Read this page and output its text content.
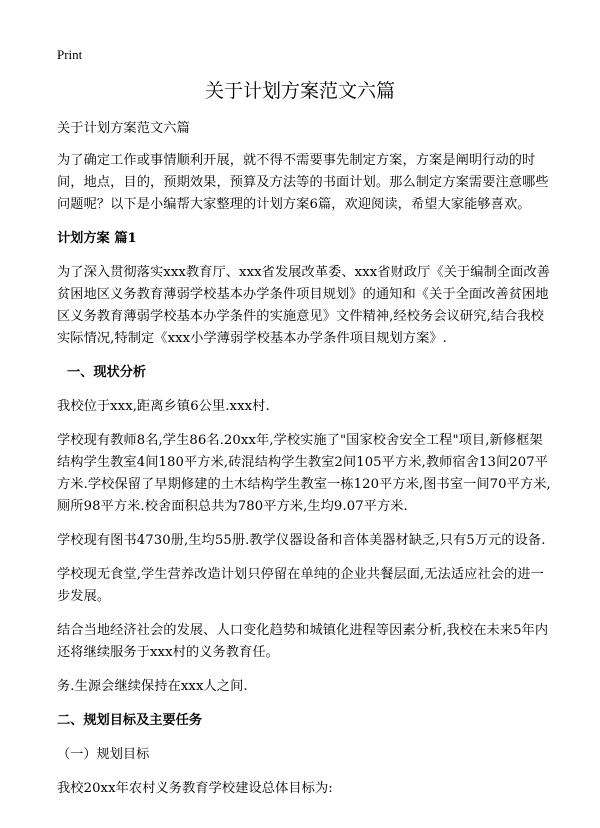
Print
关于计划方案范文六篇

关于计划方案范文六篇

为了确定工作或事情顺利开展，就不得不需要事先制定方案，方案是阐明行动的时间，地点，目的，预期效果，预算及方法等的书面计划。那么制定方案需要注意哪些问题呢？以下是小编帮大家整理的计划方案6篇，欢迎阅读，希望大家能够喜欢。

计划方案 篇1

为了深入贯彻落实xxx教育厅、xxx省发展改革委、xxx省财政厅《关于编制全面改善贫困地区义务教育薄弱学校基本办学条件项目规划》的通知和《关于全面改善贫困地区义务教育薄弱学校基本办学条件的实施意见》文件精神,经校务会议研究,结合我校实际情况,特制定《xxx小学薄弱学校基本办学条件项目规划方案》.

一、现状分析

我校位于xxx,距离乡镇6公里.xxx村.

学校现有教师8名,学生86名.20xx年,学校实施了"国家校舍安全工程"项目,新修框架结构学生教室4间180平方米,砖混结构学生教室2间105平方米,教师宿舍13间207平方米.学校保留了早期修建的土木结构学生教室一栋120平方米,图书室一间70平方米,厕所98平方米.校舍面积总共为780平方米,生均9.07平方米.

学校现有图书4730册,生均55册.教学仪器设备和音体美器材缺乏,只有5万元的设备.

学校现无食堂,学生营养改造计划只停留在单纯的企业共餐层面,无法适应社会的进一步发展。

结合当地经济社会的发展、人口变化趋势和城镇化进程等因素分析,我校在未来5年内还将继续服务于xxx村的义务教育任。

务.生源会继续保持在xxx人之间.

二、规划目标及主要任务

（一）规划目标

我校20xx年农村义务教育学校建设总体目标为:
